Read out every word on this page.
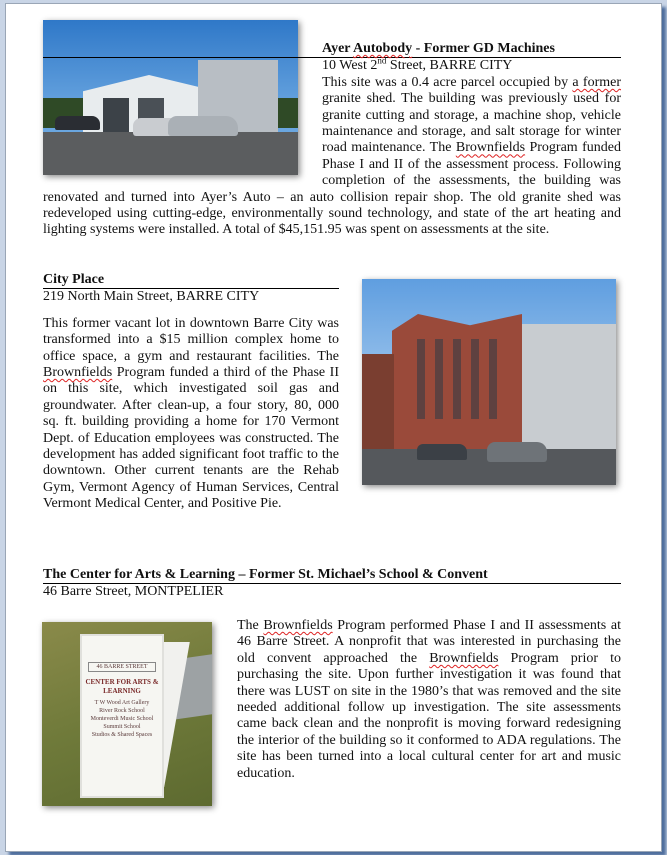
Ayer Autobody - Former GD Machines
10 West 2nd Street, BARRE CITY

This site was a 0.4 acre parcel occupied by a former granite shed. The building was previously used for granite cutting and storage, a machine shop, vehicle maintenance and storage, and salt storage for winter road maintenance. The Brownfields Program funded Phase I and II of the assessment process. Following completion of the assessments, the building was renovated and turned into Ayer’s Auto – an auto collision repair shop. The old granite shed was redeveloped using cutting-edge, environmentally sound technology, and state of the art heating and lighting systems were installed. A total of $45,151.95 was spent on assessments at the site.

City Place
219 North Main Street, BARRE CITY

This former vacant lot in downtown Barre City was transformed into a $15 million complex home to office space, a gym and restaurant facilities. The Brownfields Program funded a third of the Phase II on this site, which investigated soil gas and groundwater. After clean-up, a four story, 80, 000 sq. ft. building providing a home for 170 Vermont Dept. of Education employees was constructed. The development has added significant foot traffic to the downtown. Other current tenants are the Rehab Gym, Vermont Agency of Human Services, Central Vermont Medical Center, and Positive Pie.

The Center for Arts & Learning – Former St. Michael’s School & Convent
46 Barre Street, MONTPELIER

The Brownfields Program performed Phase I and II assessments at 46 Barre Street. A nonprofit that was interested in purchasing the old convent approached the Brownfields Program prior to purchasing the site. Upon further investigation it was found that there was LUST on site in the 1980’s that was removed and the site needed additional follow up investigation. The site assessments came back clean and the nonprofit is moving forward redesigning the interior of the building so it conformed to ADA regulations. The site has been turned into a local cultural center for art and music education.

46 BARRE STREET
CENTER FOR ARTS & LEARNING
T W Wood Art Gallery
River Rock School
Monteverdi Music School
Summit School
Studios & Shared Spaces
